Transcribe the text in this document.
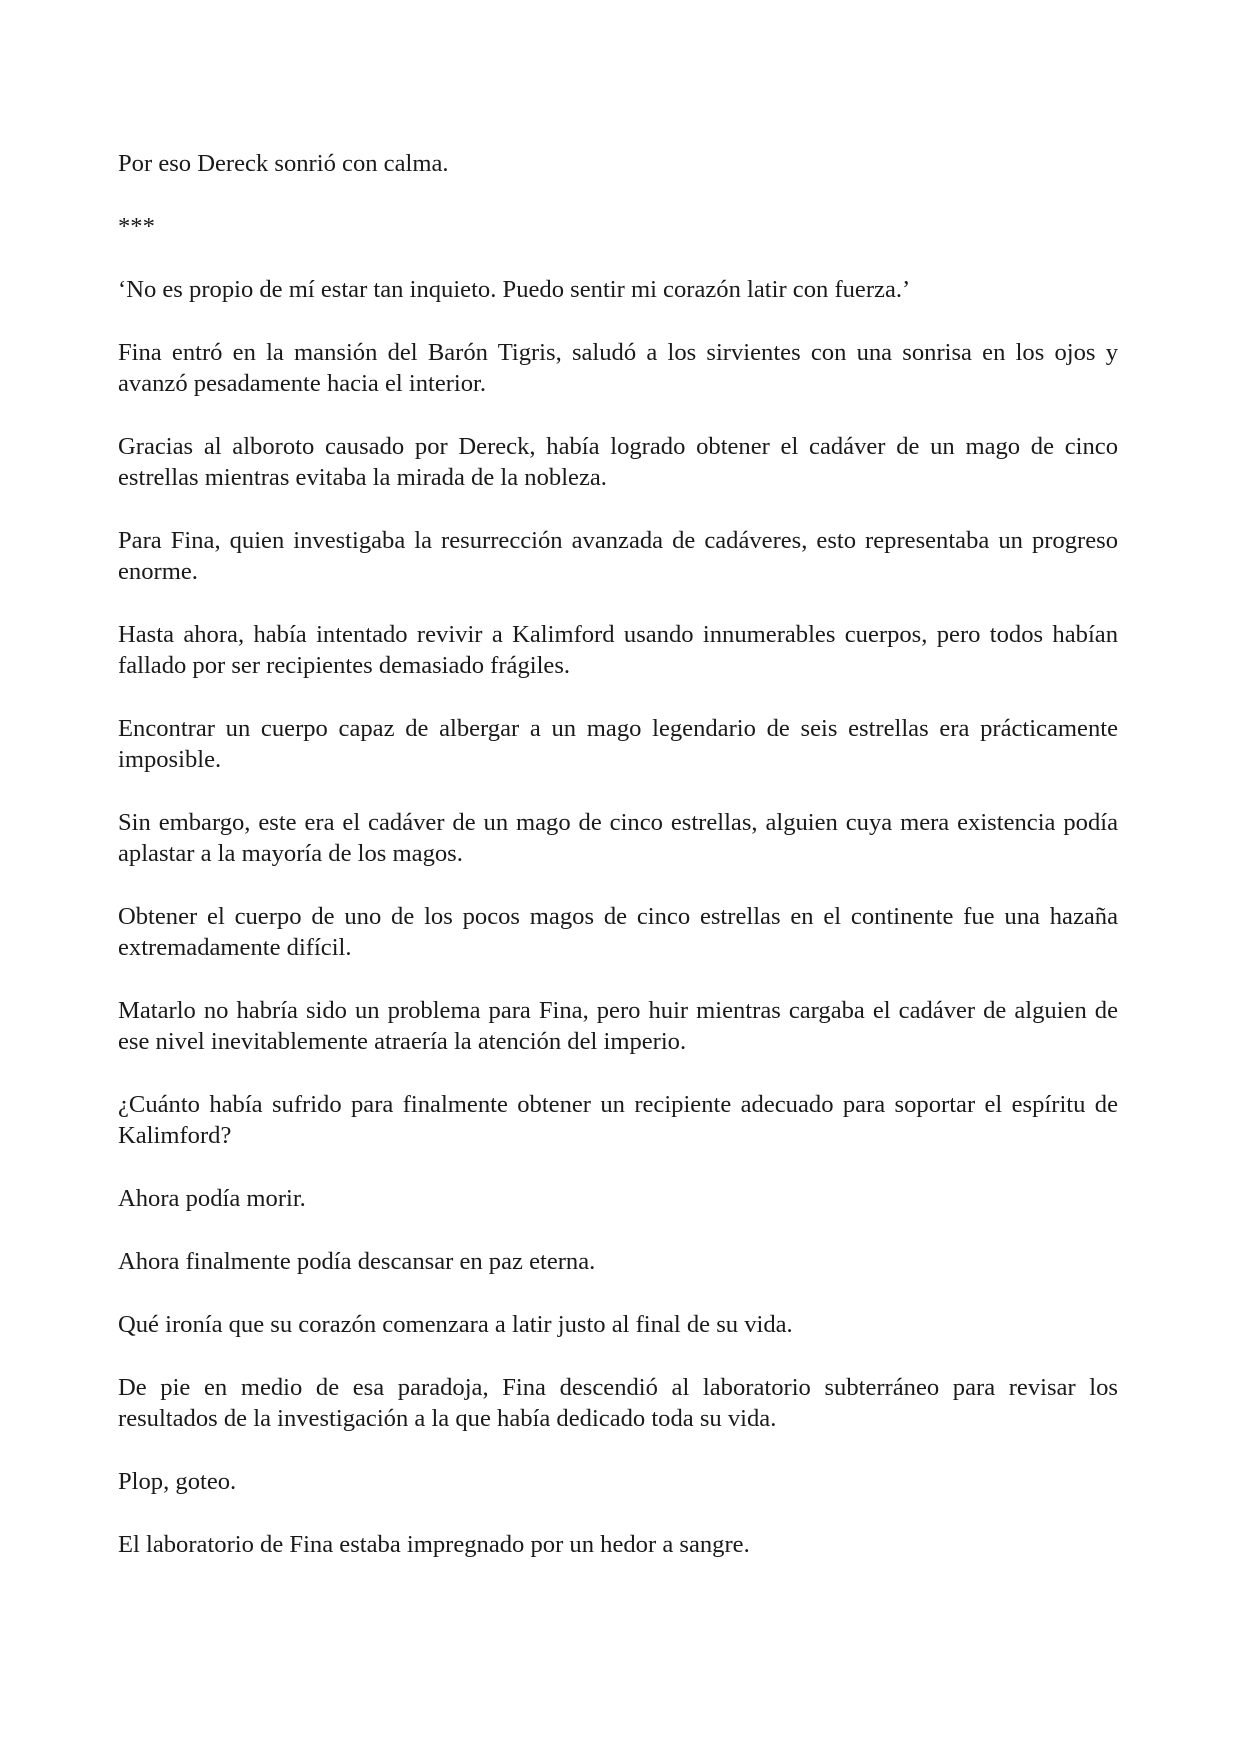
Por eso Dereck sonrió con calma.

***

‘No es propio de mí estar tan inquieto. Puedo sentir mi corazón latir con fuerza.’

Fina entró en la mansión del Barón Tigris, saludó a los sirvientes con una sonrisa en los ojos y avanzó pesadamente hacia el interior.

Gracias al alboroto causado por Dereck, había logrado obtener el cadáver de un mago de cinco estrellas mientras evitaba la mirada de la nobleza.

Para Fina, quien investigaba la resurrección avanzada de cadáveres, esto representaba un progreso enorme.

Hasta ahora, había intentado revivir a Kalimford usando innumerables cuerpos, pero todos habían fallado por ser recipientes demasiado frágiles.

Encontrar un cuerpo capaz de albergar a un mago legendario de seis estrellas era prácticamente imposible.

Sin embargo, este era el cadáver de un mago de cinco estrellas, alguien cuya mera existencia podía aplastar a la mayoría de los magos.

Obtener el cuerpo de uno de los pocos magos de cinco estrellas en el continente fue una hazaña extremadamente difícil.

Matarlo no habría sido un problema para Fina, pero huir mientras cargaba el cadáver de alguien de ese nivel inevitablemente atraería la atención del imperio.

¿Cuánto había sufrido para finalmente obtener un recipiente adecuado para soportar el espíritu de Kalimford?

Ahora podía morir.

Ahora finalmente podía descansar en paz eterna.

Qué ironía que su corazón comenzara a latir justo al final de su vida.

De pie en medio de esa paradoja, Fina descendió al laboratorio subterráneo para revisar los resultados de la investigación a la que había dedicado toda su vida.

Plop, goteo.

El laboratorio de Fina estaba impregnado por un hedor a sangre.
